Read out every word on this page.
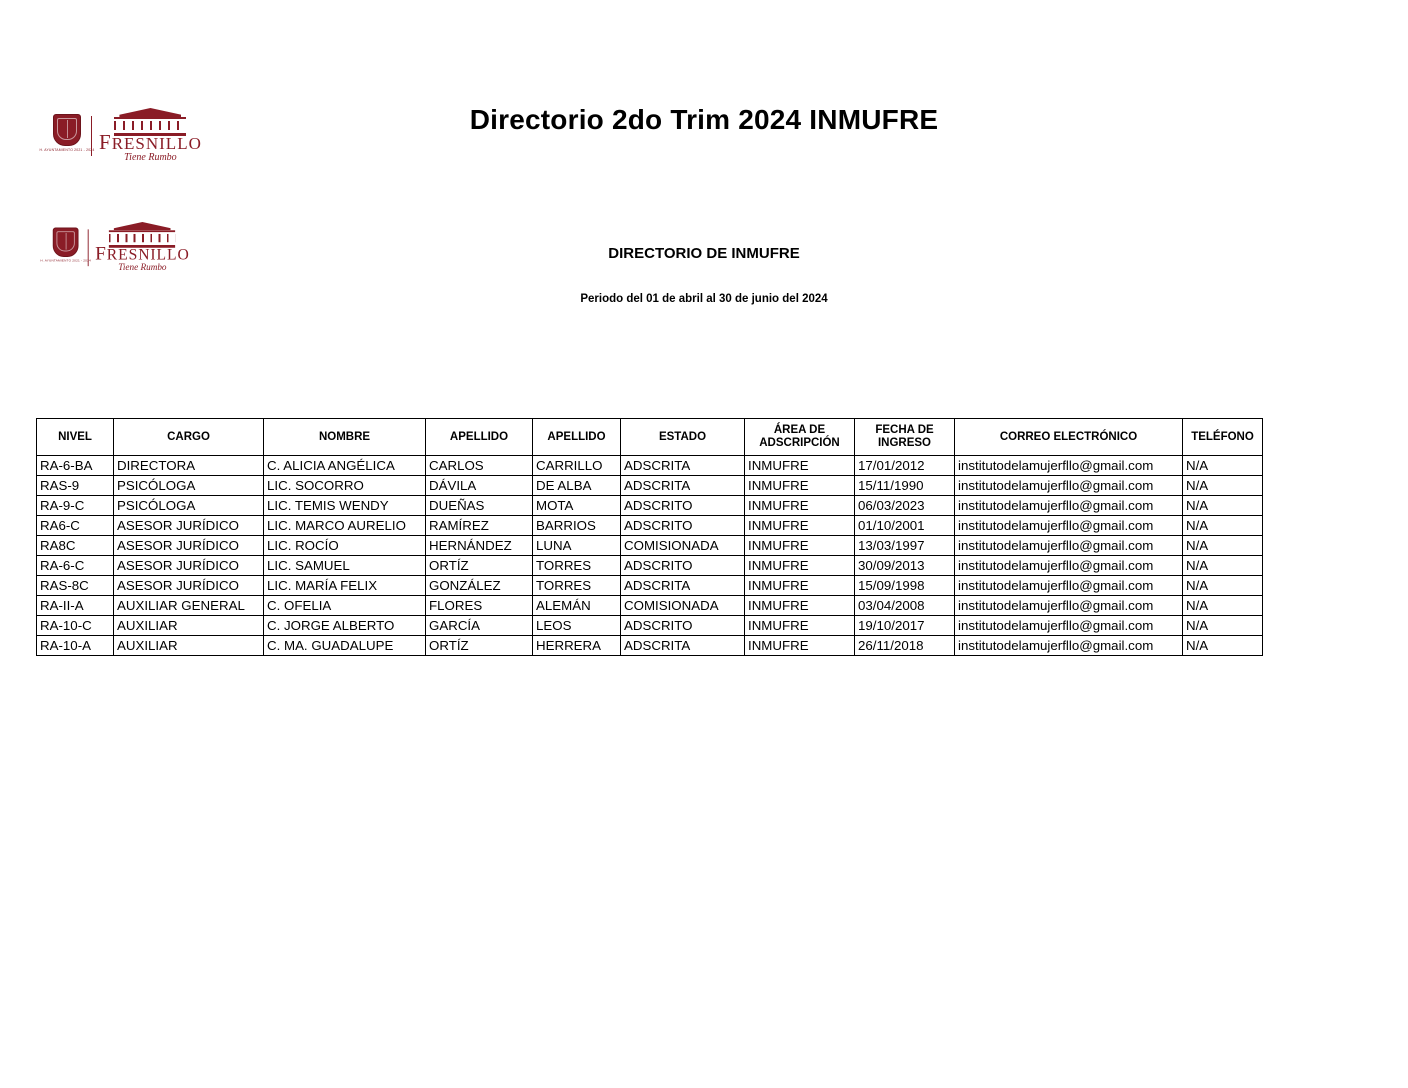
H. AYUNTAMIENTO 2021 - 2024 FRESNILLO
Tiene Rumbo
H. AYUNTAMIENTO 2021 - 2024 FRESNILLO
Tiene Rumbo
Directorio 2do Trim 2024 INMUFRE
DIRECTORIO DE INMUFRE
Periodo del 01 de abril al 30 de junio del 2024
NIVEL	CARGO	NOMBRE	APELLIDO	APELLIDO	ESTADO	ÁREA DE ADSCRIPCIÓN	FECHA DE INGRESO	CORREO ELECTRÓNICO	TELÉFONO
RA-6-BA	DIRECTORA	C. ALICIA ANGÉLICA	CARLOS	CARRILLO	ADSCRITA	INMUFRE	17/01/2012	institutodelamujerfllo@gmail.com	N/A
RAS-9	PSICÓLOGA	LIC. SOCORRO	DÁVILA	DE ALBA	ADSCRITA	INMUFRE	15/11/1990	institutodelamujerfllo@gmail.com	N/A
RA-9-C	PSICÓLOGA	LIC. TEMIS WENDY	DUEÑAS	MOTA	ADSCRITO	INMUFRE	06/03/2023	institutodelamujerfllo@gmail.com	N/A
RA6-C	ASESOR JURÍDICO	LIC. MARCO AURELIO	RAMÍREZ	BARRIOS	ADSCRITO	INMUFRE	01/10/2001	institutodelamujerfllo@gmail.com	N/A
RA8C	ASESOR JURÍDICO	LIC. ROCÍO	HERNÁNDEZ	LUNA	COMISIONADA	INMUFRE	13/03/1997	institutodelamujerfllo@gmail.com	N/A
RA-6-C	ASESOR JURÍDICO	LIC. SAMUEL	ORTÍZ	TORRES	ADSCRITO	INMUFRE	30/09/2013	institutodelamujerfllo@gmail.com	N/A
RAS-8C	ASESOR JURÍDICO	LIC. MARÍA FELIX	GONZÁLEZ	TORRES	ADSCRITA	INMUFRE	15/09/1998	institutodelamujerfllo@gmail.com	N/A
RA-II-A	AUXILIAR GENERAL	C. OFELIA	FLORES	ALEMÁN	COMISIONADA	INMUFRE	03/04/2008	institutodelamujerfllo@gmail.com	N/A
RA-10-C	AUXILIAR	C. JORGE ALBERTO	GARCÍA	LEOS	ADSCRITO	INMUFRE	19/10/2017	institutodelamujerfllo@gmail.com	N/A
RA-10-A	AUXILIAR	C. MA. GUADALUPE	ORTÍZ	HERRERA	ADSCRITA	INMUFRE	26/11/2018	institutodelamujerfllo@gmail.com	N/A
